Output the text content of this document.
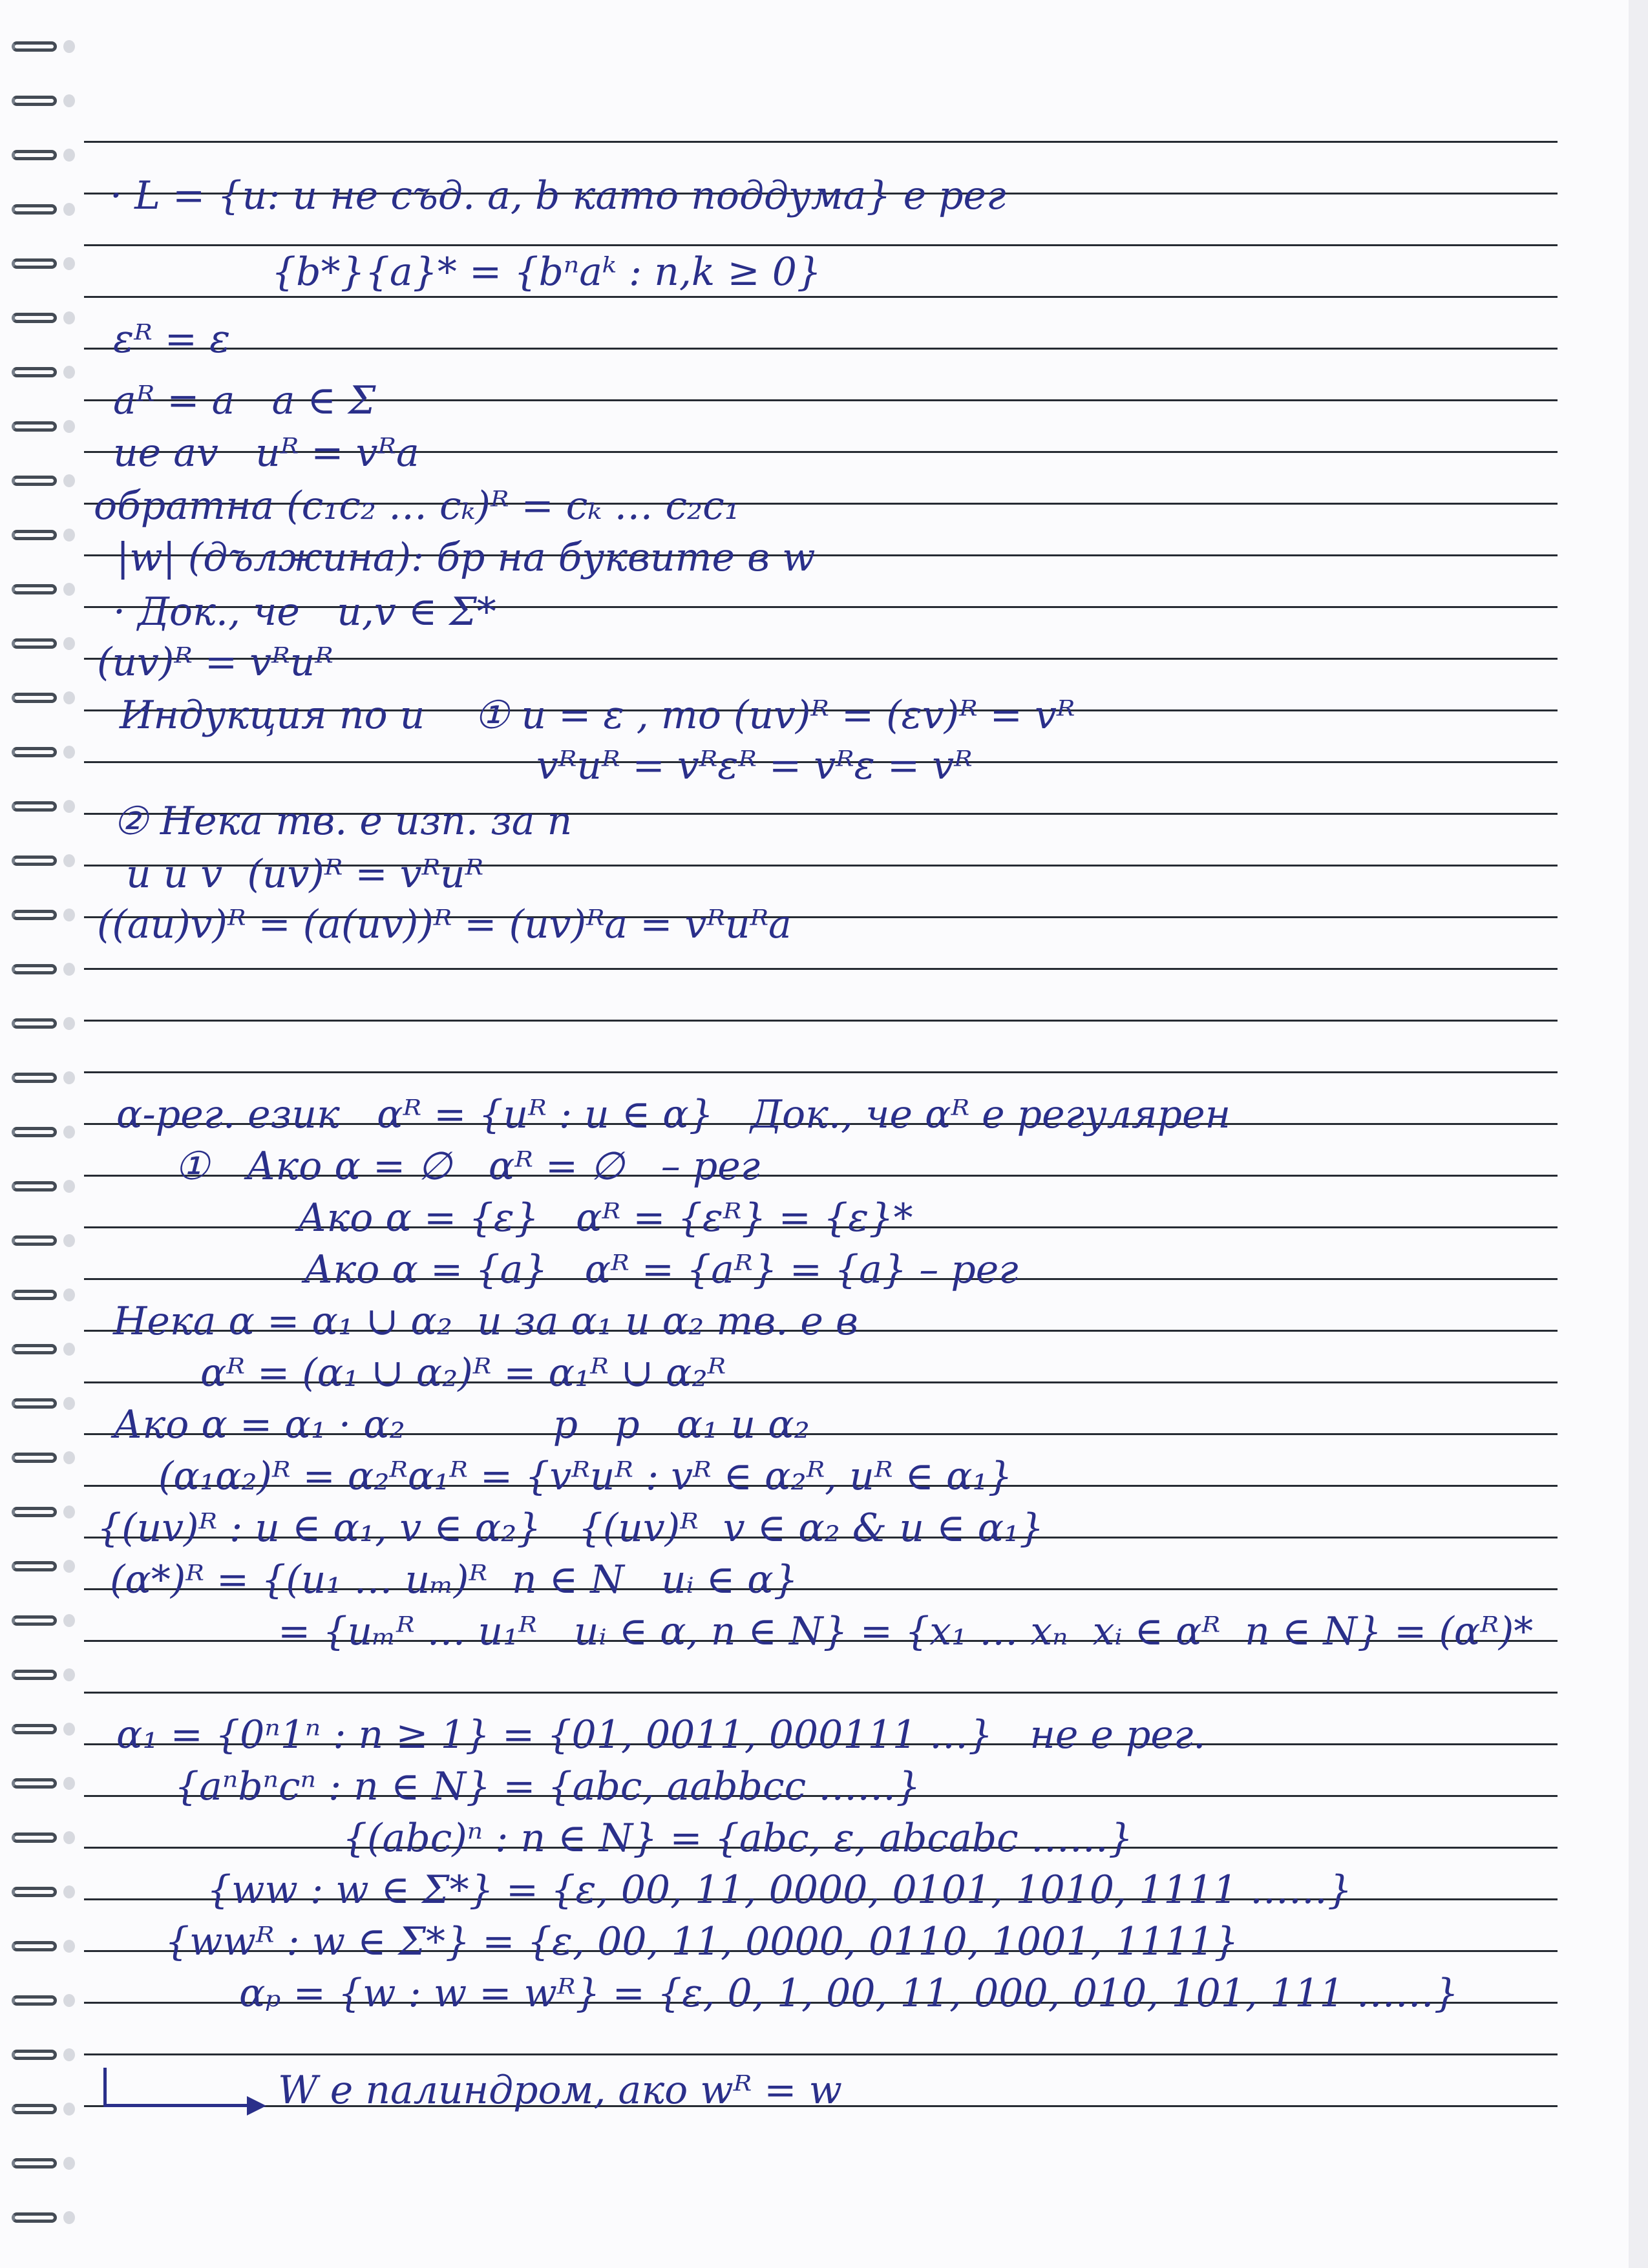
· L = {u: u не съд. a, b като поддума} е рег

{b*}{a}* = {bⁿaᵏ : n,k ≥ 0}

εᴿ = ε

aᴿ = a   a ∈ Σ

ue av   uᴿ = vᴿa

обратна (c₁c₂ … cₖ)ᴿ = cₖ … c₂c₁

|w| (дължина): бр на буквите в w

· Док., че   u,v ∈ Σ*

(uv)ᴿ = vᴿuᴿ

Индукция по u    ① u = ε , то (uv)ᴿ = (εv)ᴿ = vᴿ

vᴿuᴿ = vᴿεᴿ = vᴿε = vᴿ

② Нека тв. е изп. за n

u и v  (uv)ᴿ = vᴿuᴿ

((au)v)ᴿ = (a(uv))ᴿ = (uv)ᴿa = vᴿuᴿa

α-рег. език   αᴿ = {uᴿ : u ∈ α}   Док., че αᴿ е регулярен

①   Ако α = ∅   αᴿ = ∅   – рег

Ако α = {ε}   αᴿ = {εᴿ} = {ε}*

Ако α = {a}   αᴿ = {aᴿ} = {a} – рег

Нека α = α₁ ∪ α₂  и за α₁ и α₂ тв. е в

αᴿ = (α₁ ∪ α₂)ᴿ = α₁ᴿ ∪ α₂ᴿ

Ако α = α₁ · α₂            р   р   α₁ и α₂

(α₁α₂)ᴿ = α₂ᴿα₁ᴿ = {vᴿuᴿ : vᴿ ∈ α₂ᴿ, uᴿ ∈ α₁}

{(uv)ᴿ : u ∈ α₁, v ∈ α₂}   {(uv)ᴿ  v ∈ α₂ & u ∈ α₁}

(α*)ᴿ = {(u₁ … uₘ)ᴿ  n ∈ N   uᵢ ∈ α}

= {uₘᴿ … u₁ᴿ   uᵢ ∈ α, n ∈ N} = {x₁ … xₙ  xᵢ ∈ αᴿ  n ∈ N} = (αᴿ)*

α₁ = {0ⁿ1ⁿ : n ≥ 1} = {01, 0011, 000111 …}   не е рег.

{aⁿbⁿcⁿ : n ∈ N} = {abc, aabbcc ……}

{(abc)ⁿ : n ∈ N} = {abc, ε, abcabc ……}

{ww : w ∈ Σ*} = {ε, 00, 11, 0000, 0101, 1010, 1111 ……}

{wwᴿ : w ∈ Σ*} = {ε, 00, 11, 0000, 0110, 1001, 1111}

αₚ = {w : w = wᴿ} = {ε, 0, 1, 00, 11, 000, 010, 101, 111 ……}

W е палиндром, ако wᴿ = w
